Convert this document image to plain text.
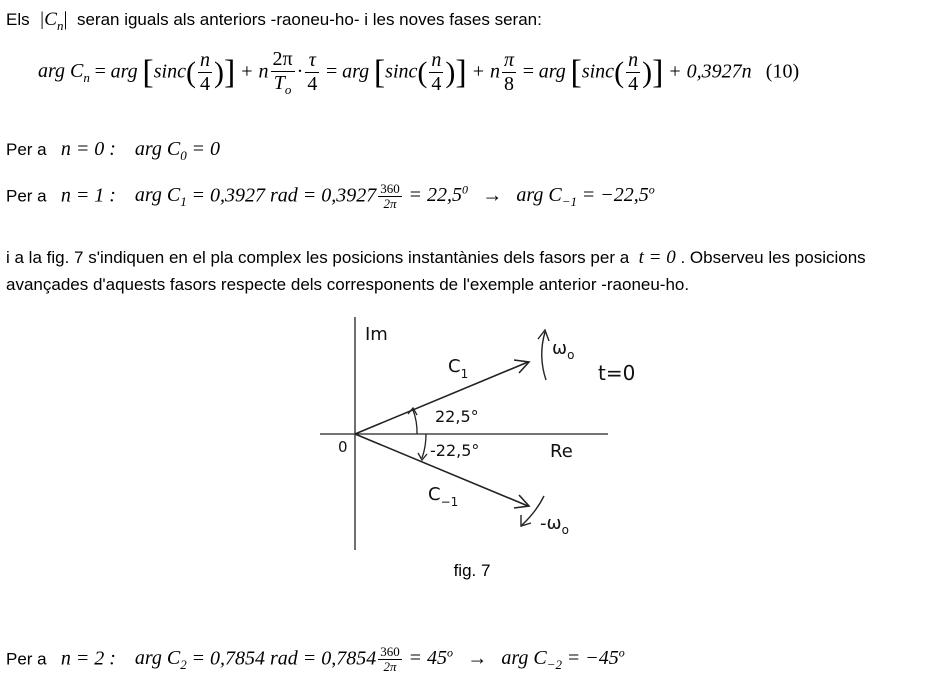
Els $|C_n|$ seran iguals als anteriors -raoneu-ho- i les noves fases seran:
arg $C_n$ = arg [$\sin c( \frac{n}{4}$ )] + n $\frac{2\pi}{T_o} \cdot \frac{\tau}{4}$ = arg [$\sin c( \frac{n}{4}$ )] + n $\frac{\pi}{8}$ = arg [$\sin c( \frac{n}{4}$ )] + 0,3927n (10)
Per a n = 0 : arg $C_0 = 0$
Per a n = 1 : arg $C_1 = 0,3927$ rad = $0,3927 \frac{360}{2\pi} = 22,5^0$ → arg $C_{-1} = -22,5^o$
i a la fig. 7 s'indiquen en el pla complex les posicions instantànies dels fasors per a t = 0 . Observeu les posicions avançades d'aquests fasors respecte dels corresponents de l'exemple anterior -raoneu-ho.
Im
Re
0
$C_1$
$C_{-1}$
22,5°
-22,5°
$\omega_o$
$-\omega_o$
t=0
fig. 7
Per a n = 2 : arg $C_2 = 0,7854$ rad = $0,7854 \frac{360}{2\pi} = 45^o$ → arg $C_{-2} = -45^o$
